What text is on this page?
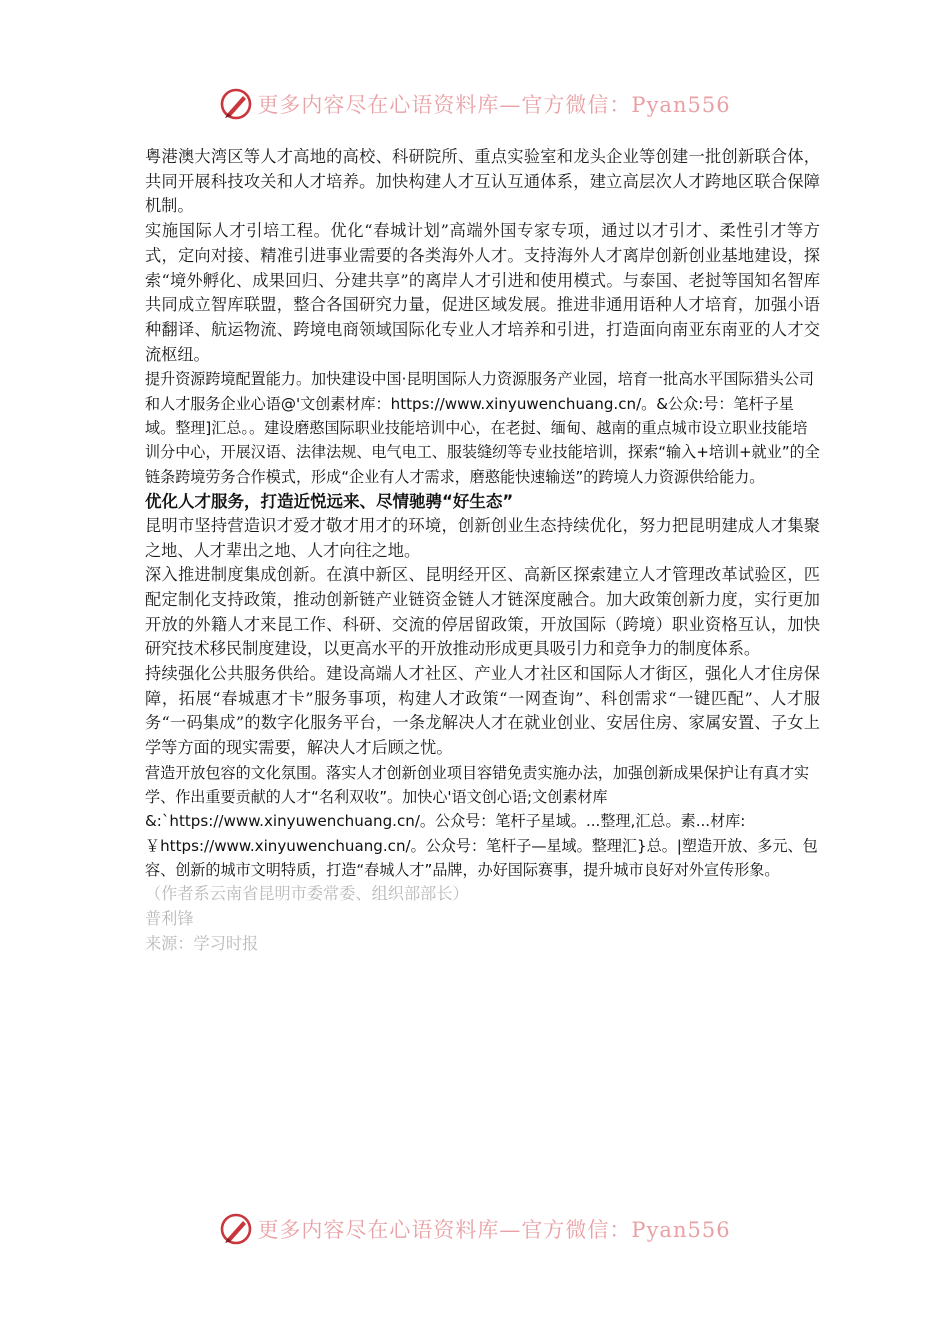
更多内容尽在心语资料库—官方微信：Pyan556

粤港澳大湾区等人才高地的高校、科研院所、重点实验室和龙头企业等创建一批创新联合体，共同开展科技攻关和人才培养。加快构建人才互认互通体系，建立高层次人才跨地区联合保障机制。

实施国际人才引培工程。优化“春城计划”高端外国专家专项，通过以才引才、柔性引才等方式，定向对接、精准引进事业需要的各类海外人才。支持海外人才离岸创新创业基地建设，探索“境外孵化、成果回归、分建共享”的离岸人才引进和使用模式。与泰国、老挝等国知名智库共同成立智库联盟，整合各国研究力量，促进区域发展。推进非通用语种人才培育，加强小语种翻译、航运物流、跨境电商领域国际化专业人才培养和引进，打造面向南亚东南亚的人才交流枢纽。

提升资源跨境配置能力。加快建设中国·昆明国际人力资源服务产业园，培育一批高水平国际猎头公司和人才服务企业心语@'文创素材库：https://www.xinyuwenchuang.cn/。&公众:号：笔杆子星域。整理]汇总。。建设磨憨国际职业技能培训中心，在老挝、缅甸、越南的重点城市设立职业技能培训分中心，开展汉语、法律法规、电气电工、服装缝纫等专业技能培训，探索“输入+培训+就业”的全链条跨境劳务合作模式，形成“企业有人才需求，磨憨能快速输送”的跨境人力资源供给能力。

优化人才服务，打造近悦远来、尽情驰骋“好生态”

昆明市坚持营造识才爱才敬才用才的环境，创新创业生态持续优化，努力把昆明建成人才集聚之地、人才辈出之地、人才向往之地。

深入推进制度集成创新。在滇中新区、昆明经开区、高新区探索建立人才管理改革试验区，匹配定制化支持政策，推动创新链产业链资金链人才链深度融合。加大政策创新力度，实行更加开放的外籍人才来昆工作、科研、交流的停居留政策，开放国际（跨境）职业资格互认，加快研究技术移民制度建设，以更高水平的开放推动形成更具吸引力和竞争力的制度体系。

持续强化公共服务供给。建设高端人才社区、产业人才社区和国际人才街区，强化人才住房保障，拓展“春城惠才卡”服务事项，构建人才政策“一网查询”、科创需求“一键匹配”、人才服务“一码集成”的数字化服务平台，一条龙解决人才在就业创业、安居住房、家属安置、子女上学等方面的现实需要，解决人才后顾之忧。

营造开放包容的文化氛围。落实人才创新创业项目容错免责实施办法，加强创新成果保护让有真才实学、作出重要贡献的人才“名利双收”。加快心'语文创心语;文创素材库&:`https://www.xinyuwenchuang.cn/。公众号：笔杆子星域。...整理,汇总。素...材库:￥https://www.xinyuwenchuang.cn/。公众号：笔杆子—星域。整理汇}总。|塑造开放、多元、包容、创新的城市文明特质，打造“春城人才”品牌，办好国际赛事，提升城市良好对外宣传形象。

（作者系云南省昆明市委常委、组织部部长）

普利锋

来源：学习时报

更多内容尽在心语资料库—官方微信：Pyan556
